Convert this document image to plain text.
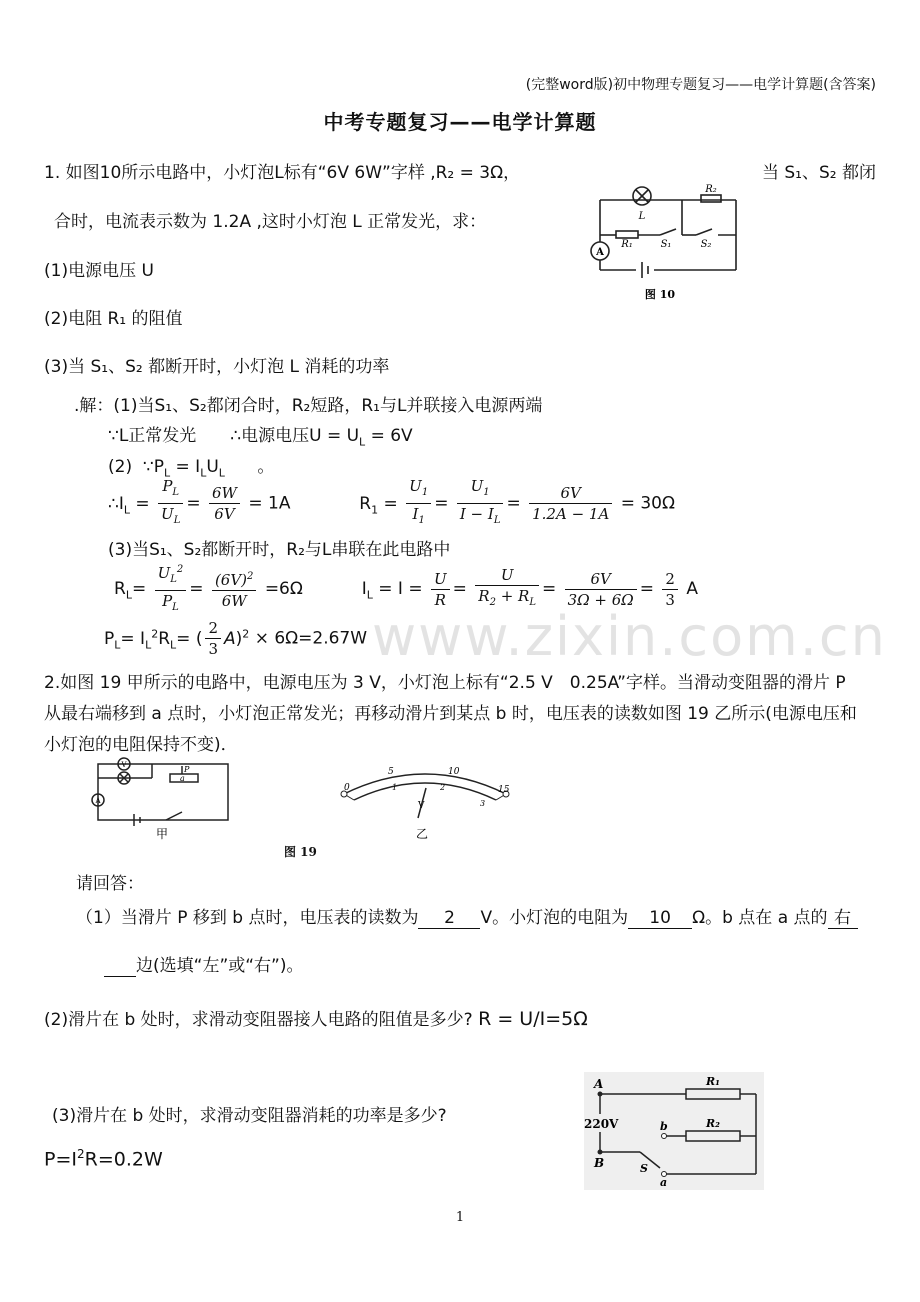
(完整word版)初中物理专题复习——电学计算题(含答案)
中考专题复习——电学计算题
www.zixin.com.cn
1. 如图10所示电路中，小灯泡L标有“6V 6W”字样 ,R₂ = 3Ω，	当 S₁、S₂ 都闭
合时，电流表示数为 1.2A ,这时小灯泡 L 正常发光，求：
(1)电源电压 U
(2)电阻 R₁ 的阻值
(3)当 S₁、S₂ 都断开时，小灯泡 L 消耗的功率
L
R₂
R₁	S₁	S₂
A
图 10
.解：(1)当S₁、S₂都闭合时，R₂短路，R₁与L并联接入电源两端
∵L正常发光　　∴电源电压$U = U_L = 6V$
(2)  $\because P_L = I_LU_L$      。
$\therefore I_L = \frac{P_L}{U_L} = \frac{6W}{6V} = 1A$	$R_1 = \frac{U_1}{I_1} = \frac{U_1}{I - I_L} = \frac{6V}{1.2A - 1A} = 30\Omega$
(3)当S₁、S₂都断开时，R₂与L串联在此电路中
$R_L= \frac{U_L^2}{P_L} = \frac{(6V)^2}{6W} =6\Omega$	$I_L = I = \frac{U}{R} = \frac{U}{R_2 + R_L} = \frac{6V}{3\Omega + 6\Omega} = \frac{2}{3}$ A
$P_L= I_L^2R_L=$ ( $\frac{2}{3} A)^2 \times 6\Omega=2.67W$
2.如图 19 甲所示的电路中，电源电压为 3 V，小灯泡上标有“2.5 V　0.25A”字样。当滑动变阻器的滑片 P
从最右端移到 a 点时，小灯泡正常发光；再移动滑片到某点 b 时，电压表的读数如图 19 乙所示(电源电压和
小灯泡的电阻保持不变)．
V
A
P
a
甲
0
5	10
15
1	2
3
V
乙
图 19
请回答：
（1）当滑片 P 移到 b 点时，电压表的读数为 2 V。小灯泡的电阻为 10 Ω。b 点在 a 点的 右
边(选填“左”或“右”)。
(2)滑片在 b 处时，求滑动变阻器接人电路的阻值是多少? R = U/I=5Ω
A	R₁
220V	b	R₂
B	S
a
(3)滑片在 b 处时，求滑动变阻器消耗的功率是多少?
$P=I^2R=0.2W$
1
